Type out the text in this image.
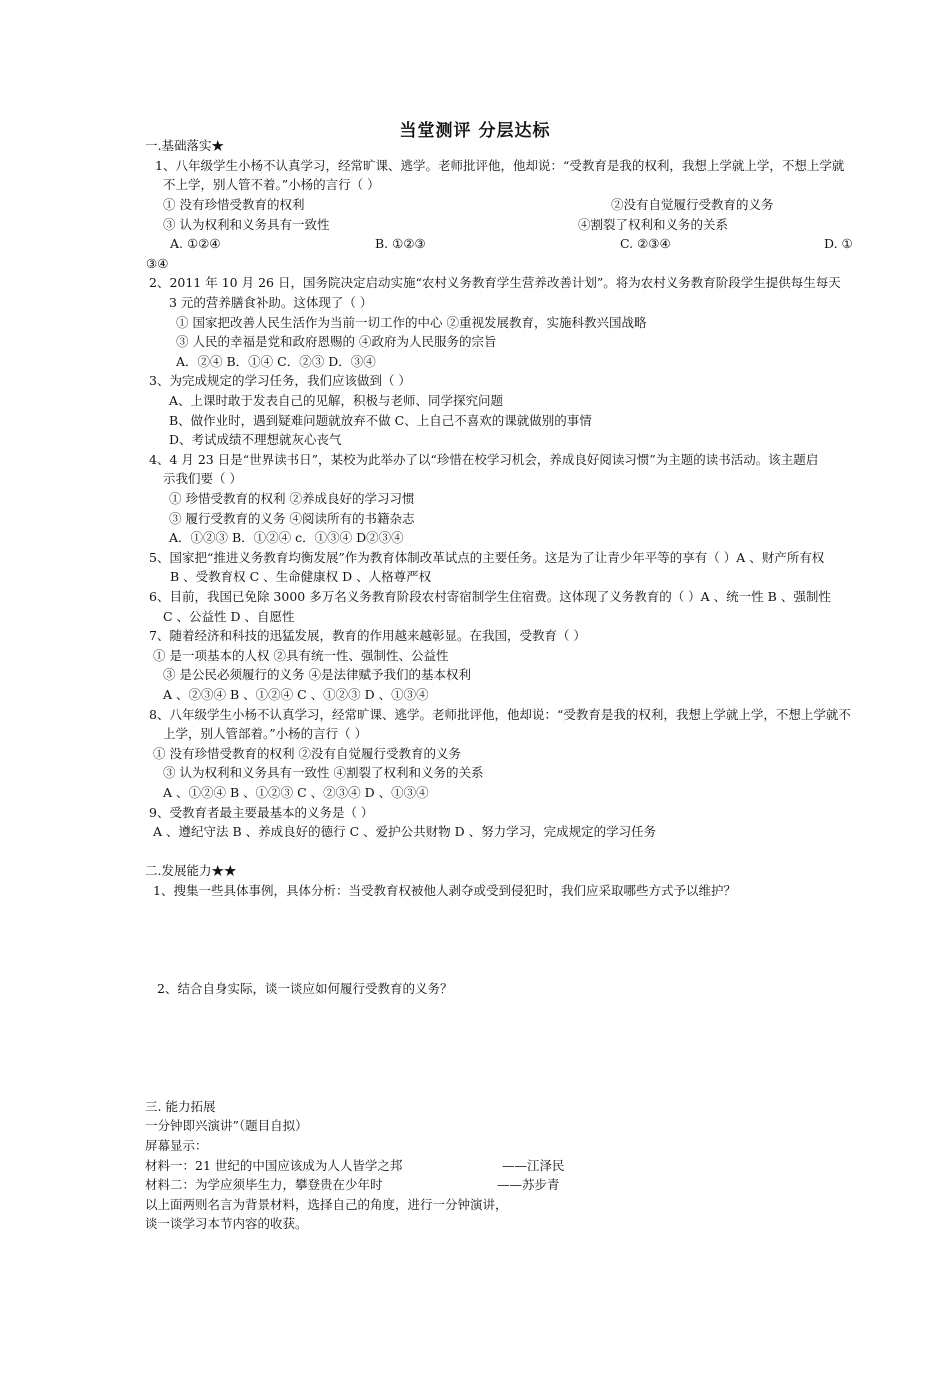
当堂测评 分层达标
一.基础落实★
1、八年级学生小杨不认真学习，经常旷课、逃学。老师批评他，他却说：“受教育是我的权利，我想上学就上学，不想上学就
不上学，别人管不着。”小杨的言行（ ）
① 没有珍惜受教育的权利	②没有自觉履行受教育的义务
③ 认为权利和义务具有一致性	④割裂了权利和义务的关系
A. ①②④	B. ①②③	C. ②③④	D. ①
③④
2、2011 年 10 月 26 日，国务院决定启动实施“农村义务教育学生营养改善计划”。将为农村义务教育阶段学生提供每生每天
3 元的营养膳食补助。这体现了（ ）
① 国家把改善人民生活作为当前一切工作的中心 ②重视发展教育，实施科教兴国战略
③ 人民的幸福是党和政府恩赐的 ④政府为人民服务的宗旨
A．②④ B．①④ C．②③ D．③④
3、为完成规定的学习任务，我们应该做到（ ）
A、上课时敢于发表自己的见解，积极与老师、同学探究问题
B、做作业时，遇到疑难问题就放弃不做 C、上自己不喜欢的课就做别的事情
D、考试成绩不理想就灰心丧气
4、4 月 23 日是“世界读书日”，某校为此举办了以“珍惜在校学习机会，养成良好阅读习惯”为主题的读书活动。该主题启
示我们要（ ）
① 珍惜受教育的权利 ②养成良好的学习习惯
③ 履行受教育的义务 ④阅读所有的书籍杂志
A．①②③ B．①②④ c．①③④ D②③④
5、国家把“推进义务教育均衡发展”作为教育体制改革试点的主要任务。这是为了让青少年平等的享有（ ）A 、财产所有权
B 、受教育权 C 、生命健康权 D 、人格尊严权
6、目前，我国已免除 3000 多万名义务教育阶段农村寄宿制学生住宿费。这体现了义务教育的（ ）A 、统一性 B 、强制性
C 、公益性 D 、自愿性
7、随着经济和科技的迅猛发展，教育的作用越来越彰显。在我国，受教育（ ）
① 是一项基本的人权 ②具有统一性、强制性、公益性
③ 是公民必须履行的义务 ④是法律赋予我们的基本权利
A 、②③④ B 、①②④ C 、①②③ D 、①③④
8、八年级学生小杨不认真学习，经常旷课、逃学。老师批评他，他却说：“受教育是我的权利，我想上学就上学，不想上学就不
上学，别人管部着。”小杨的言行（ ）
① 没有珍惜受教育的权利 ②没有自觉履行受教育的义务
③ 认为权利和义务具有一致性 ④割裂了权利和义务的关系
A 、①②④ B 、①②③ C 、②③④ D 、①③④
9、受教育者最主要最基本的义务是（ ）
A 、遵纪守法 B 、养成良好的德行 C 、爱护公共财物 D 、努力学习，完成规定的学习任务
二.发展能力★★
1、搜集一些具体事例，具体分析：当受教育权被他人剥夺或受到侵犯时，我们应采取哪些方式予以维护？
2、结合自身实际，谈一谈应如何履行受教育的义务？
三. 能力拓展
一分钟即兴演讲”（题目自拟）
屏幕显示：
材料一：21 世纪的中国应该成为人人皆学之邦	——江泽民
材料二：为学应须毕生力，攀登贵在少年时	——苏步青
以上面两则名言为背景材料，选择自己的角度，进行一分钟演讲，
谈一谈学习本节内容的收获。
